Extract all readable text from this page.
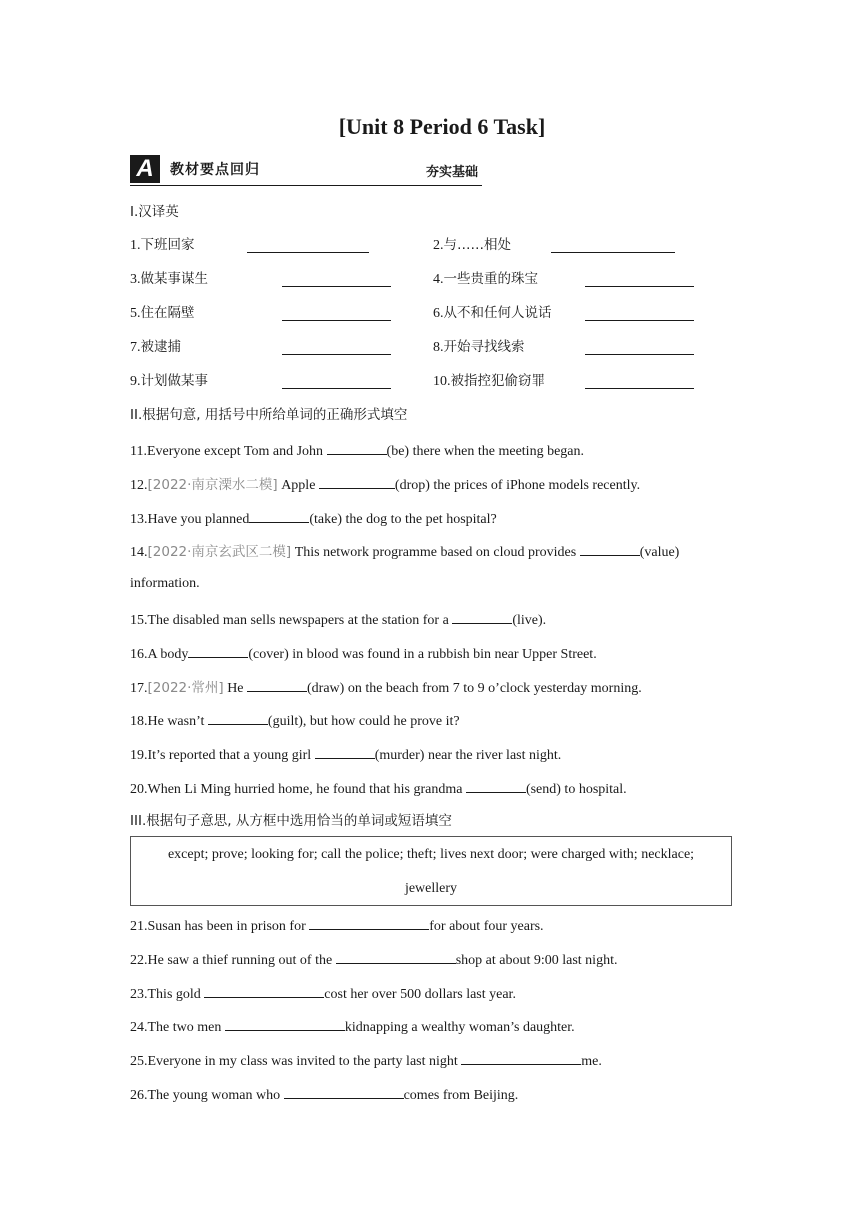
[Unit 8 Period 6 Task]
A	教材要点回归	夯实基础
I.汉译英
1.下班回家	2.与……相处
3.做某事谋生	4.一些贵重的珠宝
5.住在隔壁	6.从不和任何人说话
7.被逮捕	8.开始寻找线索
9.计划做某事	10.被指控犯偷窃罪
II.根据句意, 用括号中所给单词的正确形式填空
11.Everyone except Tom and John	(be) there when the meeting began.
12.[2022·南京溧水二模] Apple	(drop) the prices of iPhone models recently.
13.Have you planned	(take) the dog to the pet hospital?
14.[2022·南京玄武区二模] This network programme based on cloud provides	(value)
information.
15.The disabled man sells newspapers at the station for a	(live).
16.A body	(cover) in blood was found in a rubbish bin near Upper Street.
17.[2022·常州] He	(draw) on the beach from 7 to 9 o’clock yesterday morning.
18.He wasn’t	(guilt), but how could he prove it?
19.It’s reported that a young girl	(murder) near the river last night.
20.When Li Ming hurried home, he found that his grandma	(send) to hospital.
III.根据句子意思, 从方框中选用恰当的单词或短语填空
except; prove; looking for; call the police; theft; lives next door; were charged with; necklace;
jewellery
21.Susan has been in prison for	for about four years.
22.He saw a thief running out of the	shop at about 9:00 last night.
23.This gold	cost her over 500 dollars last year.
24.The two men	kidnapping a wealthy woman’s daughter.
25.Everyone in my class was invited to the party last night	me.
26.The young woman who	comes from Beijing.
